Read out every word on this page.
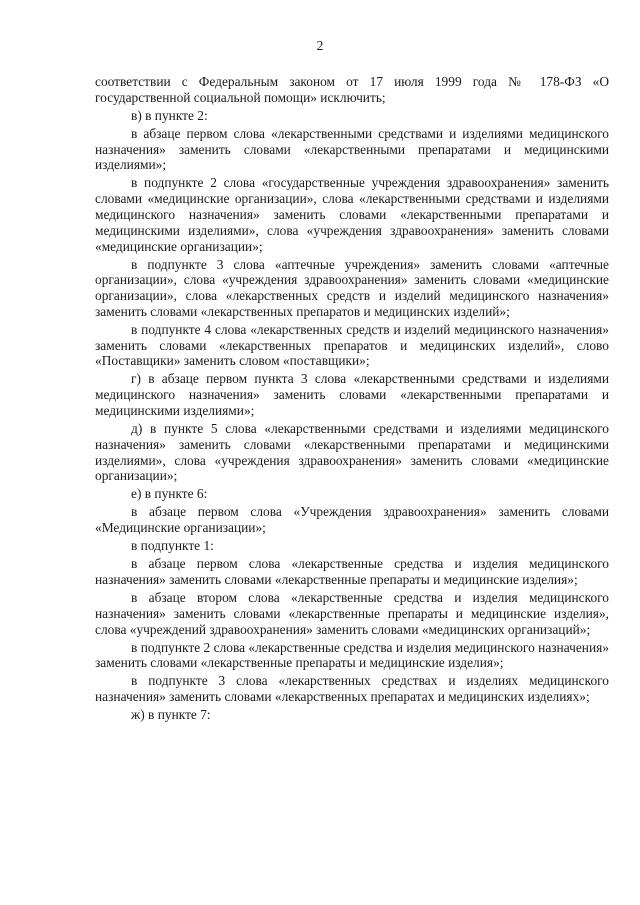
2

соответствии с Федеральным законом от 17 июля 1999 года № 178-ФЗ «О государственной социальной помощи» исключить;

в) в пункте 2:

в абзаце первом слова «лекарственными средствами и изделиями медицинского назначения» заменить словами «лекарственными препаратами и медицинскими изделиями»;

в подпункте 2 слова «государственные учреждения здравоохранения» заменить словами «медицинские организации», слова «лекарственными средствами и изделиями медицинского назначения» заменить словами «лекарственными препаратами и медицинскими изделиями», слова «учреждения здравоохранения» заменить словами «медицинские организации»;

в подпункте 3 слова «аптечные учреждения» заменить словами «аптечные организации», слова «учреждения здравоохранения» заменить словами «медицинские организации», слова «лекарственных средств и изделий медицинского назначения» заменить словами «лекарственных препаратов и медицинских изделий»;

в подпункте 4 слова «лекарственных средств и изделий медицинского назначения» заменить словами «лекарственных препаратов и медицинских изделий», слово «Поставщики» заменить словом «поставщики»;

г) в абзаце первом пункта 3 слова «лекарственными средствами и изделиями медицинского назначения» заменить словами «лекарственными препаратами и медицинскими изделиями»;

д) в пункте 5 слова «лекарственными средствами и изделиями медицинского назначения» заменить словами «лекарственными препаратами и медицинскими изделиями», слова «учреждения здравоохранения» заменить словами «медицинские организации»;

е) в пункте 6:

в абзаце первом слова «Учреждения здравоохранения» заменить словами «Медицинские организации»;

в подпункте 1:

в абзаце первом слова «лекарственные средства и изделия медицинского назначения» заменить словами «лекарственные препараты и медицинские изделия»;

в абзаце втором слова «лекарственные средства и изделия медицинского назначения» заменить словами «лекарственные препараты и медицинские изделия», слова «учреждений здравоохранения» заменить словами «медицинских организаций»;

в подпункте 2 слова «лекарственные средства и изделия медицинского назначения» заменить словами «лекарственные препараты и медицинские изделия»;

в подпункте 3 слова «лекарственных средствах и изделиях медицинского назначения» заменить словами «лекарственных препаратах и медицинских изделиях»;

ж) в пункте 7:
